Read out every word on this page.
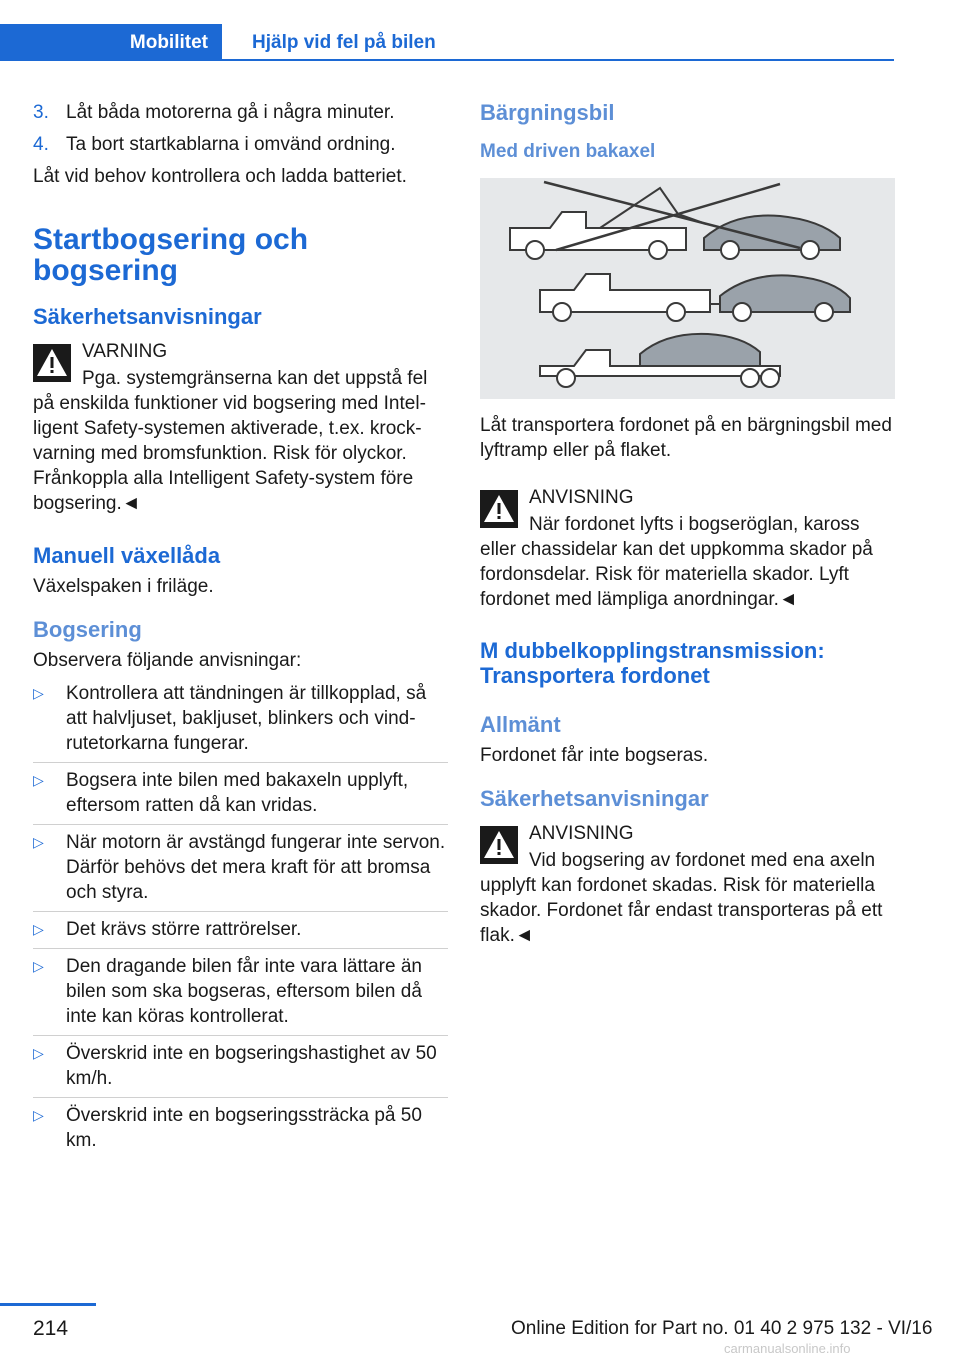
Mobilitet	Hjälp vid fel på bilen
3. Låt båda motorerna gå i några minuter.
4. Ta bort startkablarna i omvänd ordning.

Låt vid behov kontrollera och ladda batteriet.

Startbogsering och bogsering
Säkerhetsanvisningar
VARNING
Pga. systemgränserna kan det uppstå fel

på enskilda funktioner vid bogsering med Intelligent Safety-systemen aktiverade, t.ex. krockvarning med bromsfunktion. Risk för olyckor. Frånkoppla alla Intelligent Safety-system före bogsering.◄

Manuell växellåda

Växelspaken i friläge.

Bogsering

Observera följande anvisningar:

▷	Kontrollera att tändningen är tillkopplad, så att halvljuset, bakljuset, blinkers och vindrutetorkarna fungerar.
▷	Bogsera inte bilen med bakaxeln upplyft, eftersom ratten då kan vridas.
▷	När motorn är avstängd fungerar inte servon. Därför behövs det mera kraft för att bromsa och styra.
▷	Det krävs större rattrörelser.
▷	Den dragande bilen får inte vara lättare än bilen som ska bogseras, eftersom bilen då inte kan köras kontrollerat.
▷	Överskrid inte en bogseringshastighet av 50 km/h.
▷	Överskrid inte en bogseringssträcka på 50 km.
Bärgningsbil

Med driven bakaxel

Låt transportera fordonet på en bärgningsbil med lyftramp eller på flaket.

ANVISNING
När fordonet lyfts i bogseröglan, kaross

eller chassidelar kan det uppkomma skador på fordonsdelar. Risk för materiella skador. Lyft fordonet med lämpliga anordningar.◄

M dubbelkopplingstransmission: Transportera fordonet
Allmänt

Fordonet får inte bogseras.

Säkerhetsanvisningar
ANVISNING
Vid bogsering av fordonet med ena axeln

upplyft kan fordonet skadas. Risk för materiella skador. Fordonet får endast transporteras på ett flak.◄

214	Online Edition for Part no. 01 40 2 975 132 - VI/16
carmanualsonline.info
